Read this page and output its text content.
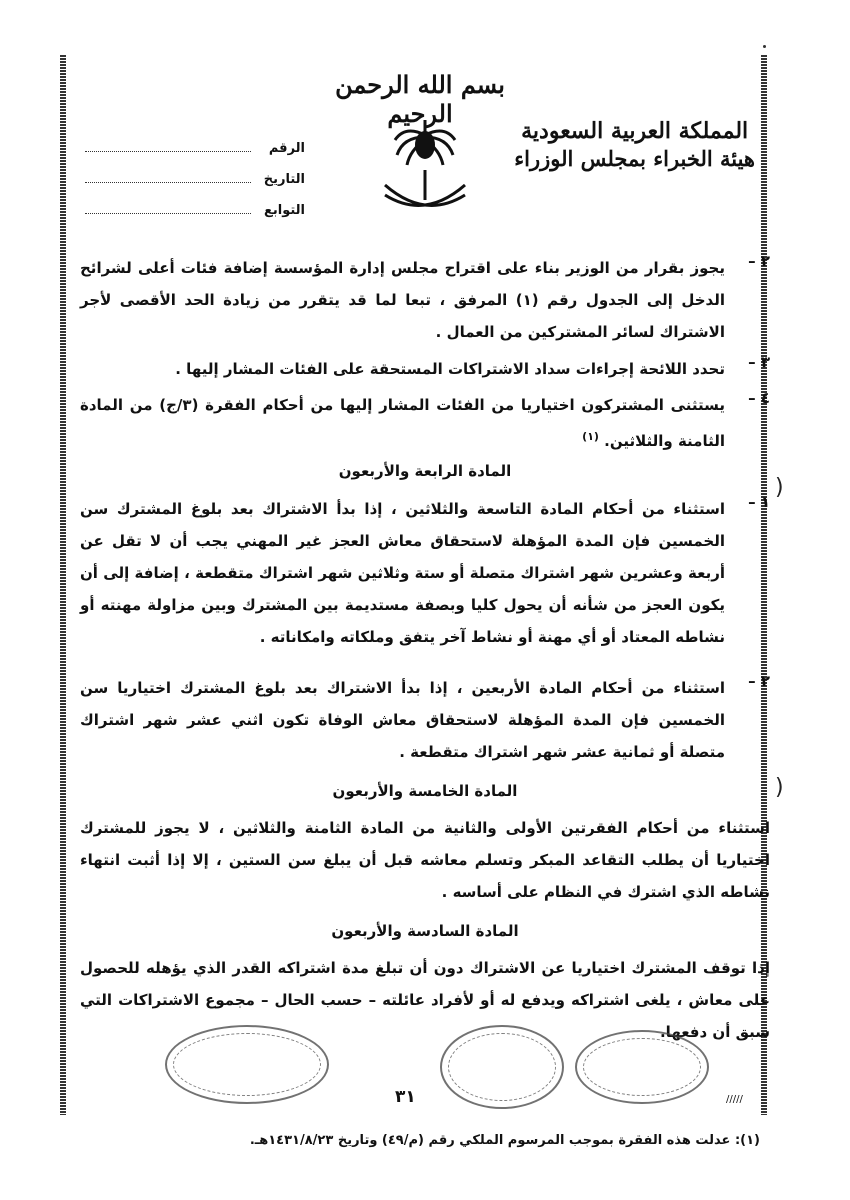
بسم الله الرحمن الرحيم
المملكة العربية السعودية
هيئة الخبراء بمجلس الوزراء
الرقم
التاريخ
التوابع
٢ –
يجوز بقرار من الوزير بناء على اقتراح مجلس إدارة المؤسسة إضافة فئات أعلى لشرائح الدخل إلى الجدول رقم (١) المرفق ، تبعا لما قد يتقرر من زيادة الحد الأقصى لأجر الاشتراك لسائر المشتركين من العمال .
٣ –
تحدد اللائحة إجراءات سداد الاشتراكات المستحقة على الفئات المشار إليها .
٤ –
يستثنى المشتركون اختياريا من الفئات المشار إليها من أحكام الفقرة (٣/ج) من المادة الثامنة والثلاثين. $^{(١)}$
المادة الرابعة والأربعون
١ –
استثناء من أحكام المادة التاسعة والثلاثين ، إذا بدأ الاشتراك بعد بلوغ المشترك سن الخمسين فإن المدة المؤهلة لاستحقاق معاش العجز غير المهني يجب أن لا تقل عن أربعة وعشرين شهر اشتراك متصلة أو ستة وثلاثين شهر اشتراك متقطعة ، إضافة إلى أن يكون العجز من شأنه أن يحول كليا وبصفة مستديمة بين المشترك وبين مزاولة مهنته أو نشاطه المعتاد أو أي مهنة أو نشاط آخر يتفق وملكاته وامكاناته .
٢ –
استثناء من أحكام المادة الأربعين ، إذا بدأ الاشتراك بعد بلوغ المشترك اختياريا سن الخمسين فإن المدة المؤهلة لاستحقاق معاش الوفاة تكون اثني عشر شهر اشتراك متصلة أو ثمانية عشر شهر اشتراك متقطعة .
المادة الخامسة والأربعون
استثناء من أحكام الفقرتين الأولى والثانية من المادة الثامنة والثلاثين ، لا يجوز للمشترك اختياريا أن يطلب التقاعد المبكر وتسلم معاشه قبل أن يبلغ سن الستين ، إلا إذا أثبت انتهاء نشاطه الذي اشترك في النظام على أساسه .
المادة السادسة والأربعون
إذا توقف المشترك اختياريا عن الاشتراك دون أن تبلغ مدة اشتراكه القدر الذي يؤهله للحصول على معاش ، يلغى اشتراكه ويدفع له أو لأفراد عائلته – حسب الحال – مجموع الاشتراكات التي سبق أن دفعها.
٣١	/////
(١): عدلت هذه الفقرة بموجب المرسوم الملكي رقم (م/٤٩) وتاريخ ١٤٣١/٨/٢٣هـ.
)
)
